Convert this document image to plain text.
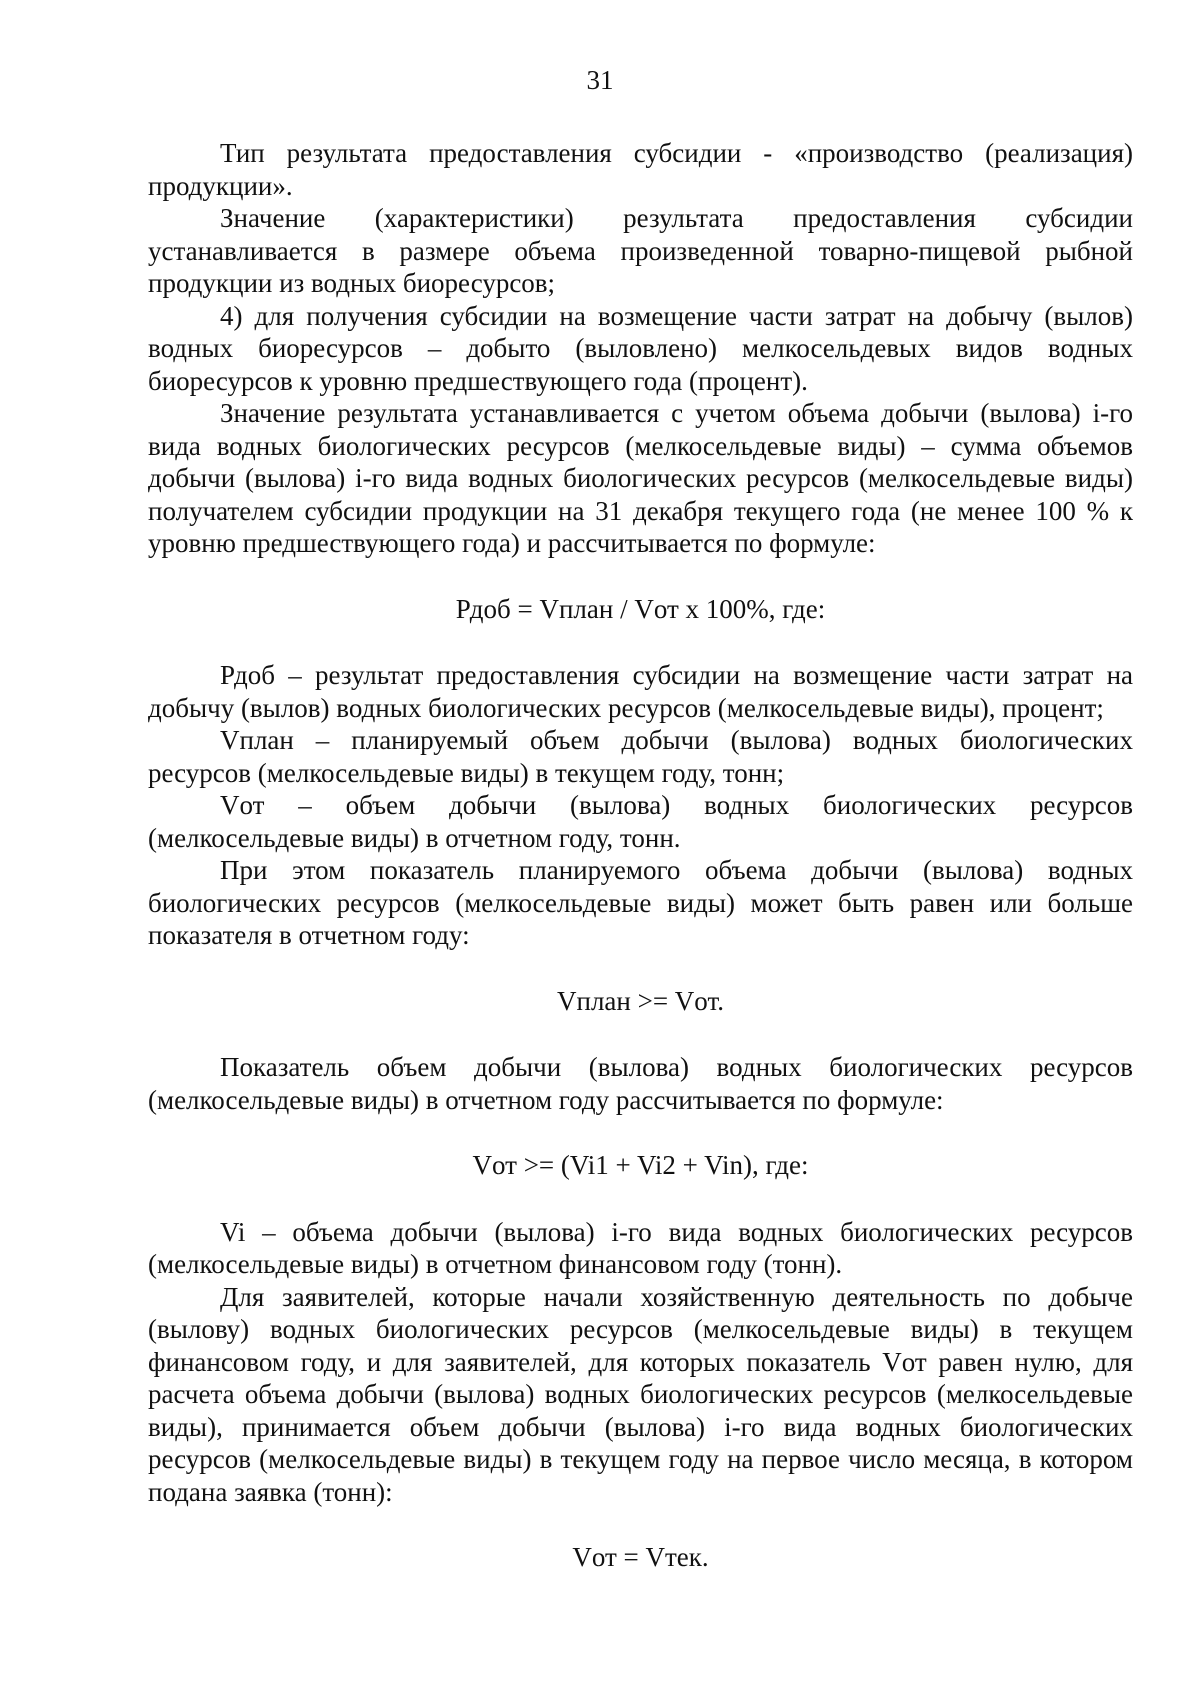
31

Тип результата предоставления субсидии - «производство (реализация) продукции».

Значение (характеристики) результата предоставления субсидии устанавливается в размере объема произведенной товарно-пищевой рыбной продукции из водных биоресурсов;

4) для получения субсидии на возмещение части затрат на добычу (вылов) водных биоресурсов – добыто (выловлено) мелкосельдевых видов водных биоресурсов к уровню предшествующего года (процент).

Значение результата устанавливается с учетом объема добычи (вылова) i-го вида водных биологических ресурсов (мелкосельдевые виды) – сумма объемов добычи (вылова) i-го вида водных биологических ресурсов (мелкосельдевые виды) получателем субсидии продукции на 31 декабря текущего года (не менее 100 % к уровню предшествующего года) и рассчитывается по формуле:

Рдоб = Vплан / Vот х 100%, где:

Рдоб – результат предоставления субсидии на возмещение части затрат на добычу (вылов) водных биологических ресурсов (мелкосельдевые виды), процент;

Vплан – планируемый объем добычи (вылова) водных биологических ресурсов (мелкосельдевые виды) в текущем году, тонн;

Vот – объем добычи (вылова) водных биологических ресурсов (мелкосельдевые виды) в отчетном году, тонн.

При этом показатель планируемого объема добычи (вылова) водных биологических ресурсов (мелкосельдевые виды) может быть равен или больше показателя в отчетном году:

Vплан >= Vот.

Показатель объем добычи (вылова) водных биологических ресурсов (мелкосельдевые виды) в отчетном году рассчитывается по формуле:

Vот >= (Vi1 + Vi2 + Vin), где:

Vi – объема добычи (вылова) i-го вида водных биологических ресурсов (мелкосельдевые виды) в отчетном финансовом году (тонн).

Для заявителей, которые начали хозяйственную деятельность по добыче (вылову) водных биологических ресурсов (мелкосельдевые виды) в текущем финансовом году, и для заявителей, для которых показатель Vот равен нулю, для расчета объема добычи (вылова) водных биологических ресурсов (мелкосельдевые виды), принимается объем добычи (вылова) i-го вида водных биологических ресурсов (мелкосельдевые виды) в текущем году на первое число месяца, в котором подана заявка (тонн):

Vот = Vтек.
